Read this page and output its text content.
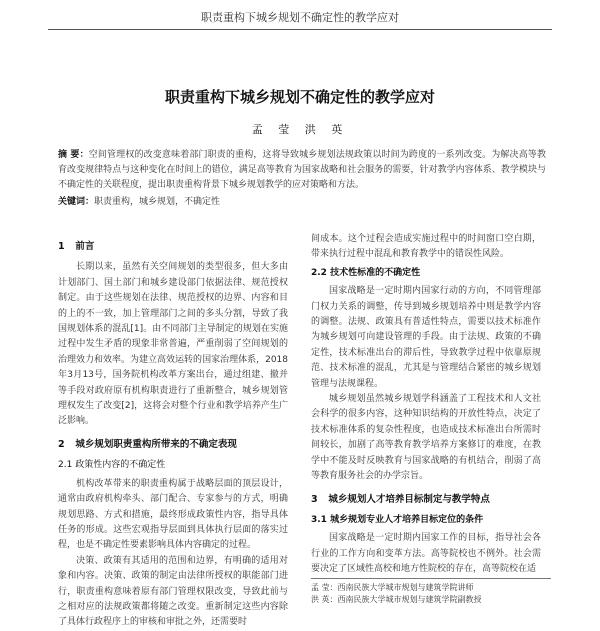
职责重构下城乡规划不确定性的教学应对
职责重构下城乡规划不确定性的教学应对
孟 莹 洪 英
摘 要：空间管理权的改变意味着部门职责的重构，这将导致城乡规划法规政策以时间为跨度的一系列改变。为解决高等教育改变规律特点与这种变化在时间上的错位，满足高等教育为国家战略和社会服务的需要，针对教学内容体系、教学模块与不确定性的关联程度，提出职责重构背景下城乡规划教学的应对策略和方法。
关键词：职责重构，城乡规划，不确定性
1 前言

长期以来，虽然有关空间规划的类型很多，但大多由计划部门、国土部门和城乡建设部门依据法律、规范授权制定。由于这些规划在法律、规范授权的边界、内容和目的上的不一致，加上管理部门之间的多头分割，导致了我国规划体系的混乱[1]。由不同部门主导制定的规划在实施过程中发生矛盾的现象非常普遍，严重削弱了空间规划的治理效力和效率。为建立高效运转的国家治理体系，2018年3月13号，国务院机构改革方案出台，通过组建、撤并等手段对政府原有机构职责进行了重新整合，城乡规划管理权发生了改变[2]，这将会对整个行业和教学培养产生广泛影响。

2 城乡规划职责重构所带来的不确定表现
2.1 政策性内容的不确定性

机构改革带来的职责重构属于战略层面的顶层设计，通常由政府机构牵头、部门配合、专家参与的方式，明确规划思路、方式和措施，最终形成政策性内容，指导具体任务的形成。这些宏观指导层面到具体执行层面的落实过程，也是不确定性要素影响具体内容确定的过程。

决策、政策有其适用的范围和边界，有明确的适用对象和内容。决策、政策的制定由法律所授权的职能部门进行，职责重构意味着原有部门管理权限改变，导致此前与之相对应的法规政策都将随之改变。重新制定这些内容除了具体行政程序上的审核和审批之外，还需要时

间成本。这个过程会造成实施过程中的时间窗口空白期，带来执行过程中混乱和教育教学中的错误性风险。

2.2 技术性标准的不确定性

国家战略是一定时期内国家行动的方向，不同管理部门权力关系的调整，传导到城乡规划培养中则是教学内容的调整。法规、政策具有普适性特点，需要以技术标准作为城乡规划可向建设管理的手段。由于法规、政策的不确定性，技术标准出台的滞后性，导致教学过程中依靠原规范、技术标准的混乱，尤其是与管理结合紧密的城乡规划管理与法规课程。

城乡规划虽然城乡规划学科涵盖了工程技术和人文社会科学的很多内容，这种知识结构的开放性特点，决定了技术标准体系的复杂性程度，也造成技术标准出台所需时间较长，加剧了高等教育教学培养方案修订的难度，在教学中不能及时反映教育与国家战略的有机结合，削弱了高等教育服务社会的办学宗旨。

3 城乡规划人才培养目标制定与教学特点
3.1 城乡规划专业人才培养目标定位的条件

国家战略是一定时期内国家工作的目标，指导社会各行业的工作方向和变革方法。高等院校也不例外。社会需要决定了区域性高校和地方性院校的存在，高等院校在适

孟 莹：西南民族大学城市规划与建筑学院讲师
洪 英：西南民族大学城市规划与建筑学院副教授
